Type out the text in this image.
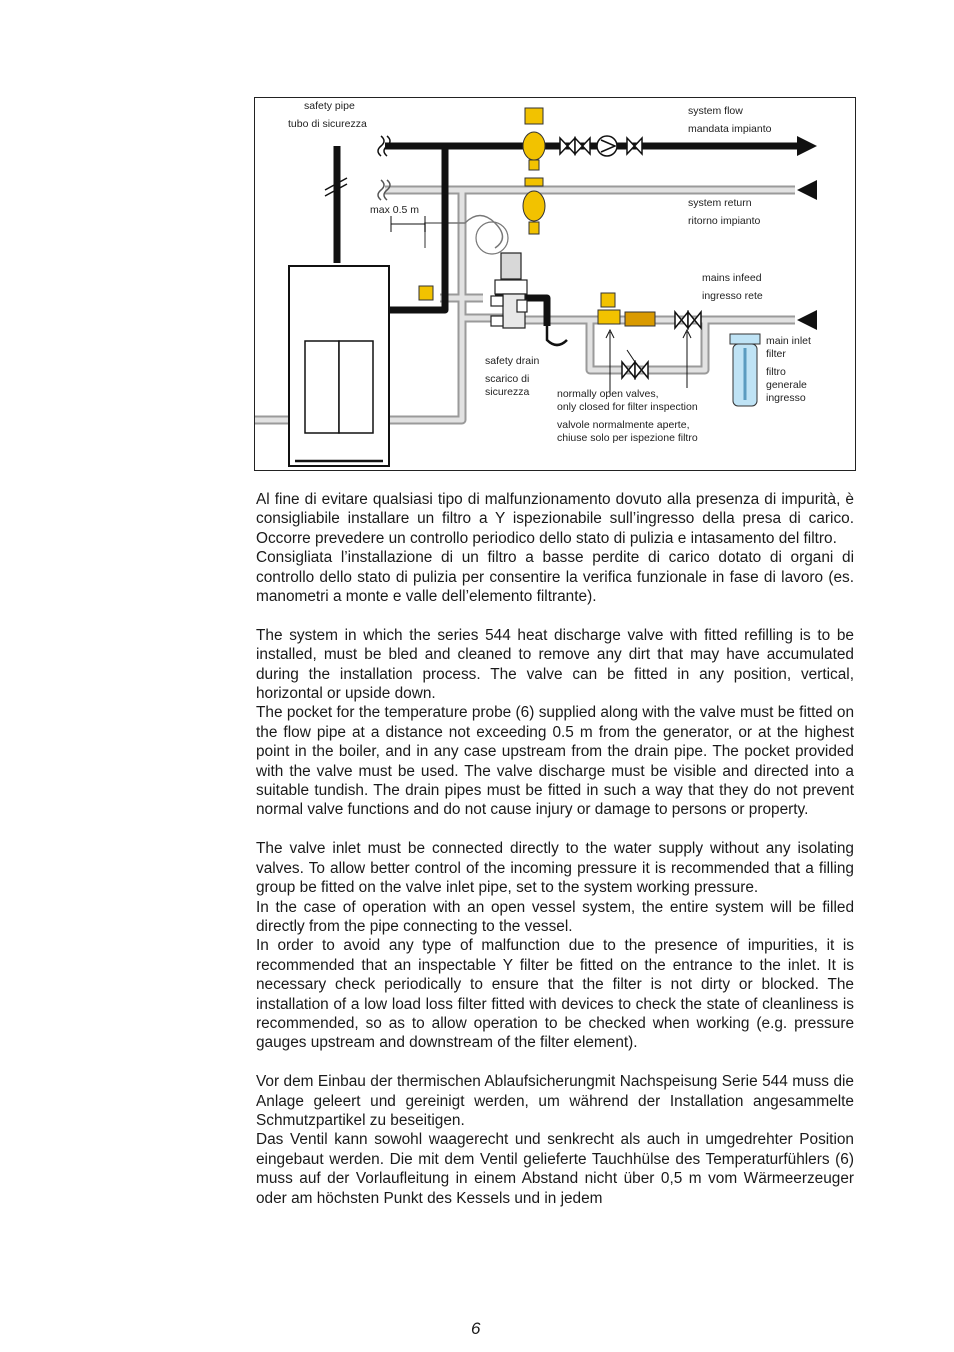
safety pipe
tubo di sicurezza
system flow
mandata impianto
system return
ritorno impianto
max 0.5 m
mains infeed
ingresso rete
main inlet
filter
filtro
generale
ingresso
safety drain
scarico di
sicurezza	normally open valves,
only closed for filter inspection
valvole normalmente aperte,
chiuse solo per ispezione filtro

Al fine di evitare qualsiasi tipo di malfunzionamento dovuto alla presenza di impurità, è consigliabile installare un filtro a Y ispezionabile sull’ingresso della presa di carico. Occorre prevedere un controllo periodico dello stato di pulizia e intasamento del filtro.

Consigliata l’installazione di un filtro a basse perdite di carico dotato di organi di controllo dello stato di pulizia per consentire la verifica funzionale in fase di lavoro (es. manometri a monte e valle dell’elemento filtrante).

The system in which the series 544 heat discharge valve with fitted refilling is to be installed, must be bled and cleaned to remove any dirt that may have accumulated during the installation process. The valve can be fitted in any position, vertical, horizontal or upside down.

The pocket for the temperature probe (6) supplied along with the valve must be fitted on the flow pipe at a distance not exceeding 0.5 m from the generator, or at the highest point in the boiler, and in any case upstream from the drain pipe. The pocket provided with the valve must be used. The valve discharge must be visible and directed into a suitable tundish. The drain pipes must be fitted in such a way that they do not prevent normal valve functions and do not cause injury or damage to persons or property.

The valve inlet must be connected directly to the water supply without any isolating valves. To allow better control of the incoming pressure it is recommended that a filling group be fitted on the valve inlet pipe, set to the system working pressure.

In the case of operation with an open vessel system, the entire system will be filled directly from the pipe connecting to the vessel.

In order to avoid any type of malfunction due to the presence of impurities, it is recommended that an inspectable Y filter be fitted on the entrance to the inlet. It is necessary check periodically to ensure that the filter is not dirty or blocked. The installation of a low load loss filter fitted with devices to check the state of cleanliness is recommended, so as to allow operation to be checked when working (e.g. pressure gauges upstream and downstream of the filter element).

Vor dem Einbau der thermischen Ablaufsicherungmit Nachspeisung Serie 544 muss die Anlage geleert und gereinigt werden, um während der Installation angesammelte Schmutzpartikel zu beseitigen.

Das Ventil kann sowohl waagerecht und senkrecht als auch in umgedrehter Position eingebaut werden. Die mit dem Ventil gelieferte Tauchhülse des Temperaturfühlers (6) muss auf der Vorlaufleitung in einem Abstand nicht über 0,5 m vom Wärmeerzeuger oder am höchsten Punkt des Kessels und in jedem

6
